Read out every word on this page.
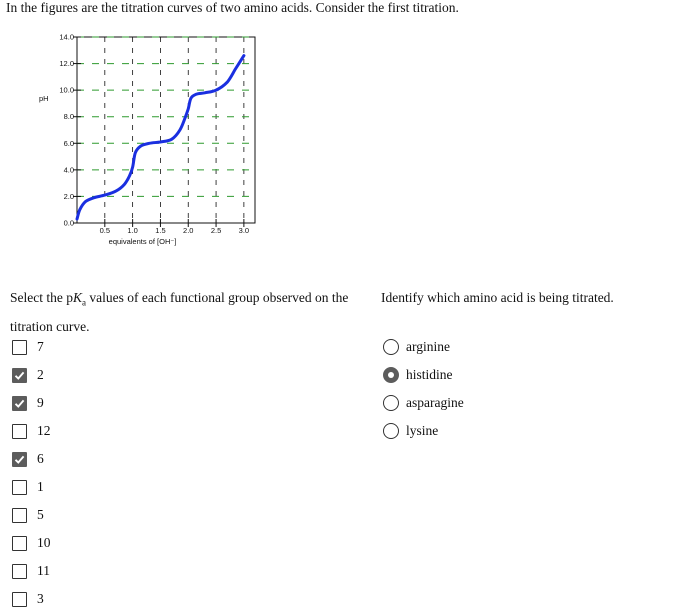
In the figures are the titration curves of two amino acids. Consider the first titration.
0.0
2.0
4.0
6.0
8.0
10.0
12.0
14.0
0.5 1.0 1.5 2.0 2.5 3.0
pH
equivalents of [OH⁻]
Select the $pK_a$ values of each functional group observed on the titration curve.
Identify which amino acid is being titrated.
7
2
9
12
6
1
5
10
11
3
arginine
histidine
asparagine
lysine
